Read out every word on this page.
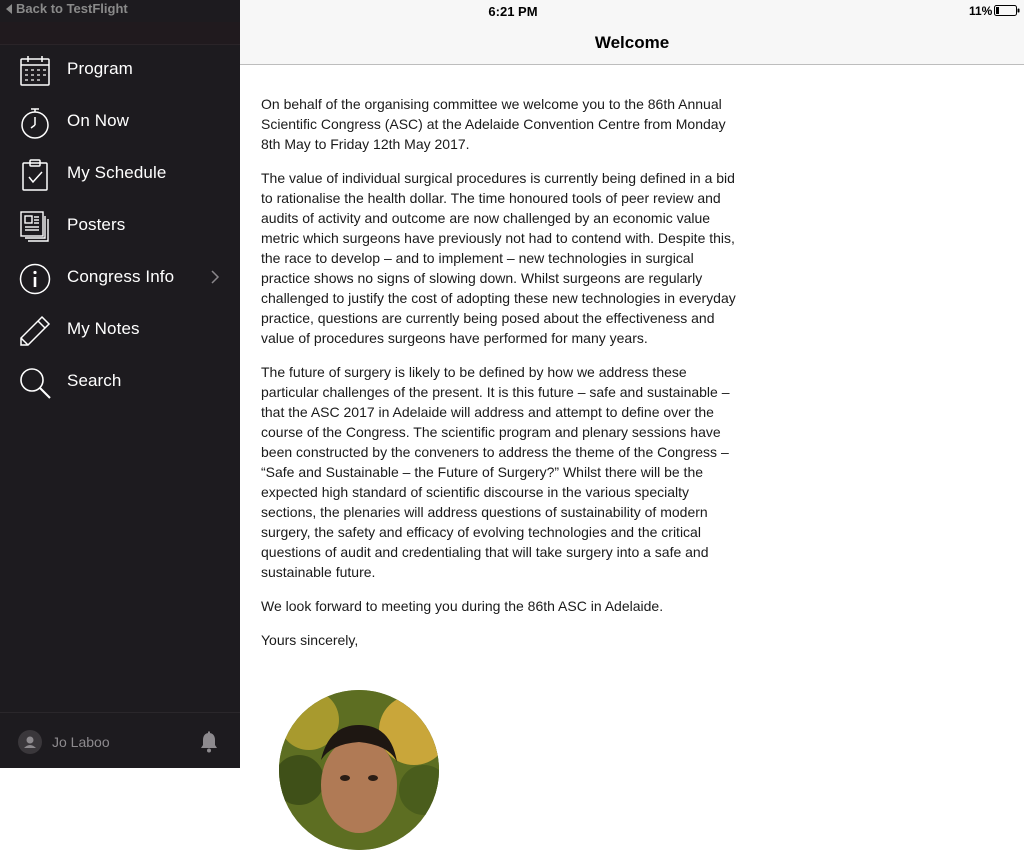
Back to TestFlight
Program
On Now
My Schedule
Posters
Congress Info
My Notes
Search
Jo Laboo
6:21 PM	11%
Welcome

On behalf of the organising committee we welcome you to the 86th Annual Scientific Congress (ASC) at the Adelaide Convention Centre from Monday 8th May to Friday 12th May 2017.

The value of individual surgical procedures is currently being defined in a bid to rationalise the health dollar. The time honoured tools of peer review and audits of activity and outcome are now challenged by an economic value metric which surgeons have previously not had to contend with. Despite this, the race to develop – and to implement – new technologies in surgical practice shows no signs of slowing down. Whilst surgeons are regularly challenged to justify the cost of adopting these new technologies in everyday practice, questions are currently being posed about the effectiveness and value of procedures surgeons have performed for many years.

The future of surgery is likely to be defined by how we address these particular challenges of the present. It is this future – safe and sustainable – that the ASC 2017 in Adelaide will address and attempt to define over the course of the Congress. The scientific program and plenary sessions have been constructed by the conveners to address the theme of the Congress – “Safe and Sustainable – the Future of Surgery?” Whilst there will be the expected high standard of scientific discourse in the various specialty sections, the plenaries will address questions of sustainability of modern surgery, the safety and efficacy of evolving technologies and the critical questions of audit and credentialing that will take surgery into a safe and sustainable future.

We look forward to meeting you during the 86th ASC in Adelaide.

Yours sincerely,
